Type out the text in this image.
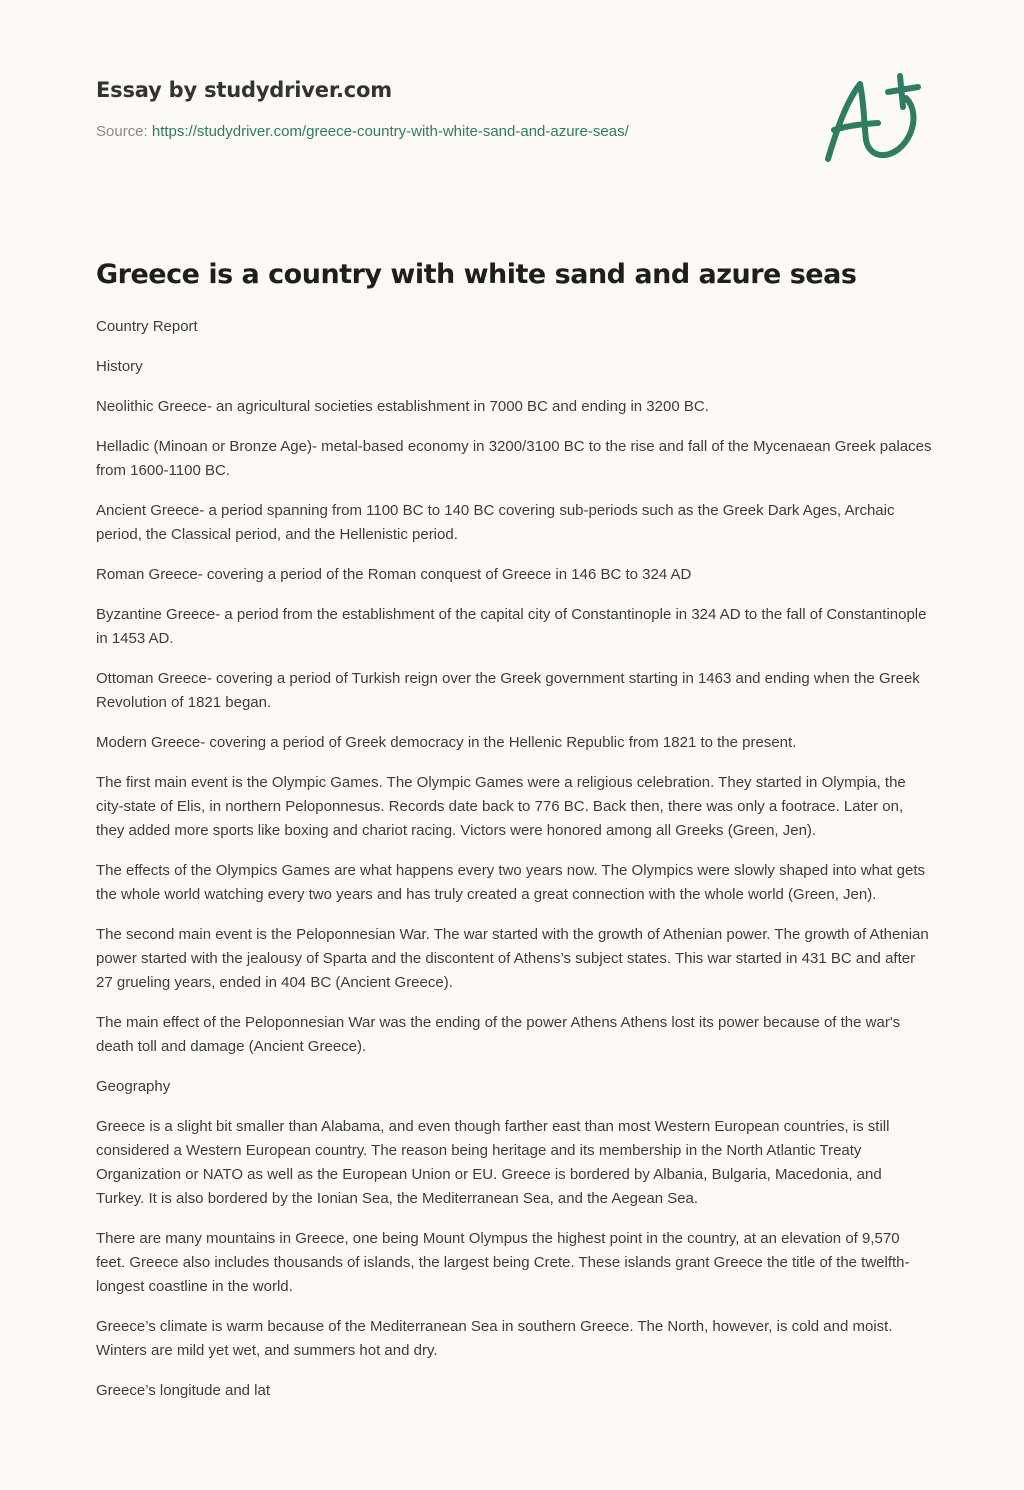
Essay by studydriver.com
Source: https://studydriver.com/greece-country-with-white-sand-and-azure-seas/
Greece is a country with white sand and azure seas

Country Report

History

Neolithic Greece- an agricultural societies establishment in 7000 BC and ending in 3200 BC.

Helladic (Minoan or Bronze Age)- metal-based economy in 3200/3100 BC to the rise and fall of the Mycenaean Greek palaces from 1600-1100 BC.

Ancient Greece- a period spanning from 1100 BC to 140 BC covering sub-periods such as the Greek Dark Ages, Archaic period, the Classical period, and the Hellenistic period.

Roman Greece- covering a period of the Roman conquest of Greece in 146 BC to 324 AD

Byzantine Greece- a period from the establishment of the capital city of Constantinople in 324 AD to the fall of Constantinople in 1453 AD.

Ottoman Greece- covering a period of Turkish reign over the Greek government starting in 1463 and ending when the Greek Revolution of 1821 began.

Modern Greece- covering a period of Greek democracy in the Hellenic Republic from 1821 to the present.

The first main event is the Olympic Games. The Olympic Games were a religious celebration. They started in Olympia, the city-state of Elis, in northern Peloponnesus. Records date back to 776 BC. Back then, there was only a footrace. Later on, they added more sports like boxing and chariot racing. Victors were honored among all Greeks (Green, Jen).

The effects of the Olympics Games are what happens every two years now. The Olympics were slowly shaped into what gets the whole world watching every two years and has truly created a great connection with the whole world (Green, Jen).

The second main event is the Peloponnesian War. The war started with the growth of Athenian power. The growth of Athenian power started with the jealousy of Sparta and the discontent of Athens’s subject states. This war started in 431 BC and after 27 grueling years, ended in 404 BC (Ancient Greece).

The main effect of the Peloponnesian War was the ending of the power Athens Athens lost its power because of the war's death toll and damage (Ancient Greece).

Geography

Greece is a slight bit smaller than Alabama, and even though farther east than most Western European countries, is still considered a Western European country. The reason being heritage and its membership in the North Atlantic Treaty Organization or NATO as well as the European Union or EU. Greece is bordered by Albania, Bulgaria, Macedonia, and Turkey. It is also bordered by the Ionian Sea, the Mediterranean Sea, and the Aegean Sea.

There are many mountains in Greece, one being Mount Olympus the highest point in the country, at an elevation of 9,570 feet. Greece also includes thousands of islands, the largest being Crete. These islands grant Greece the title of the twelfth-longest coastline in the world.

Greece’s climate is warm because of the Mediterranean Sea in southern Greece. The North, however, is cold and moist. Winters are mild yet wet, and summers hot and dry.

Greece’s longitude and lat
